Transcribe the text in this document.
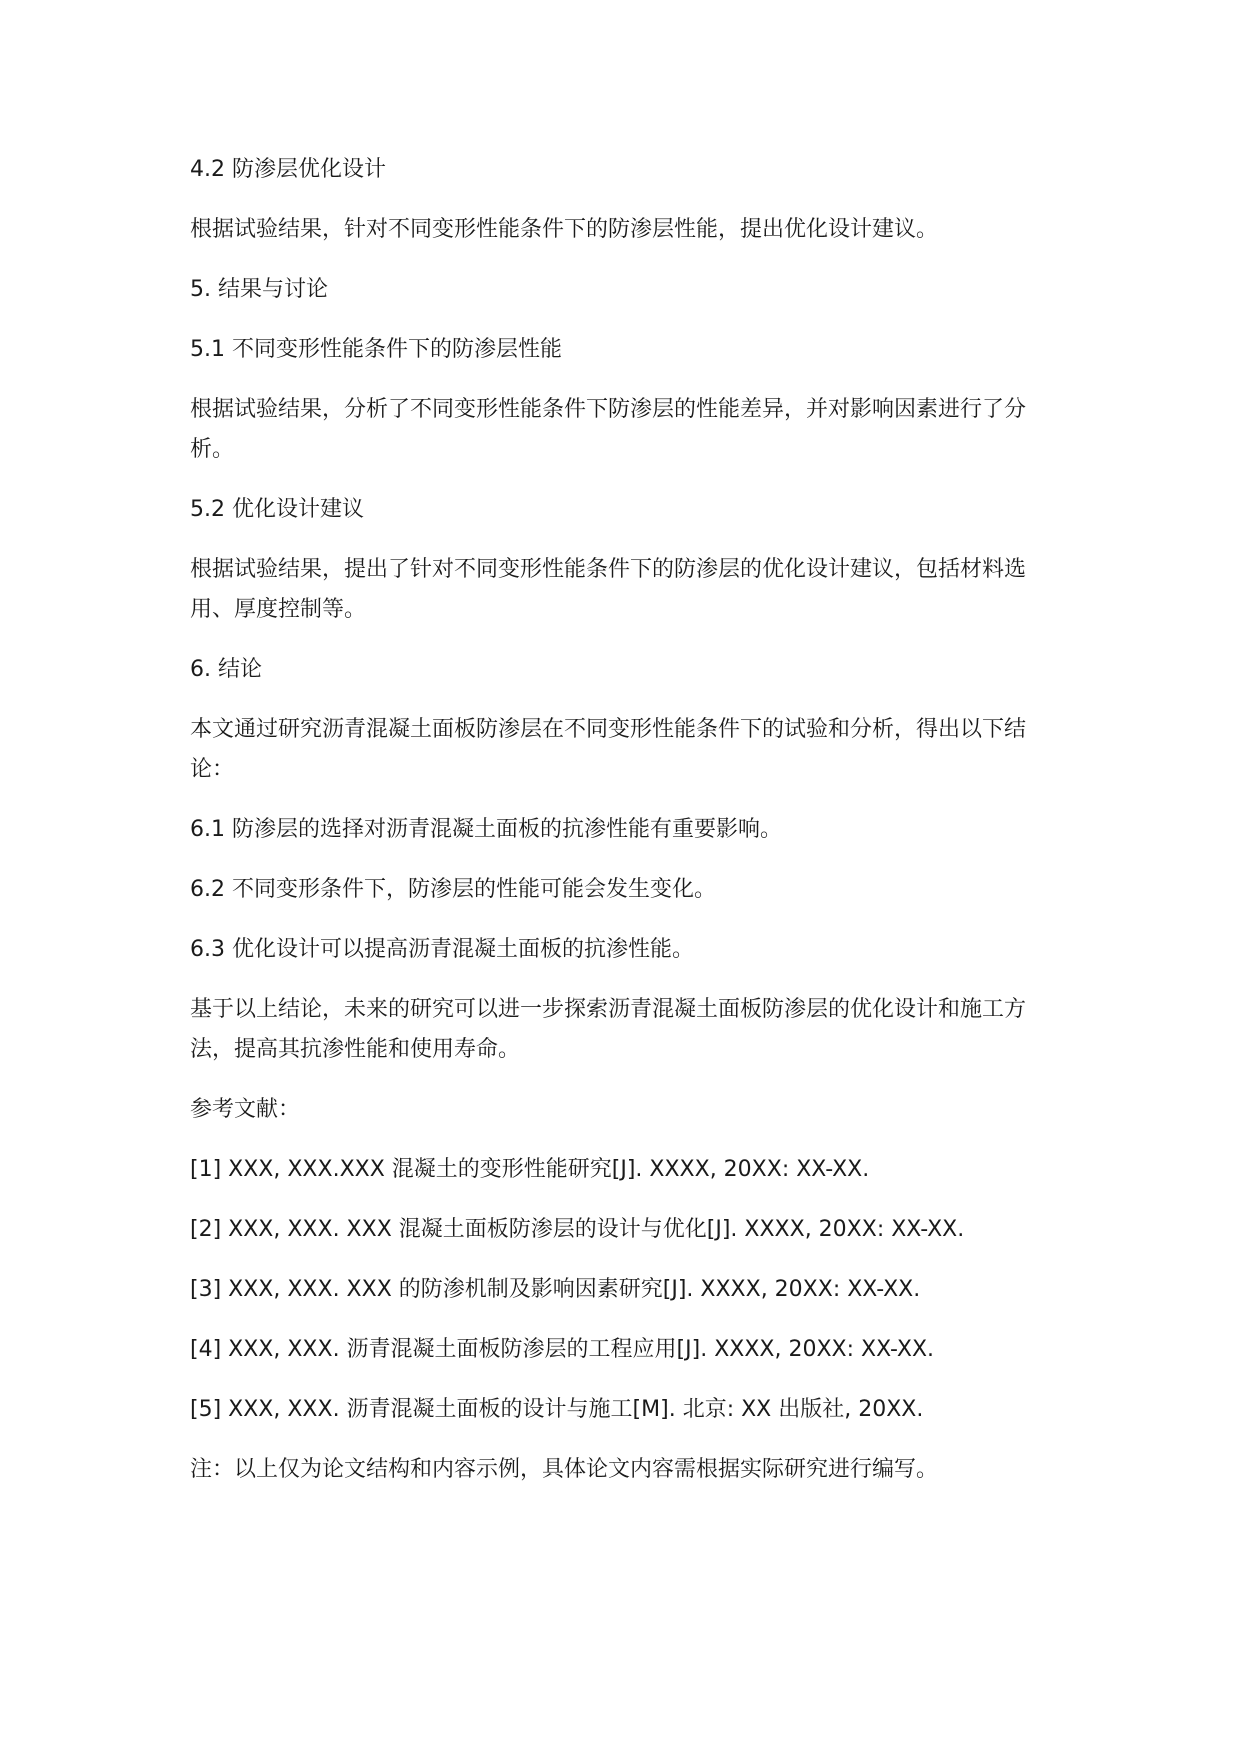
4.2 防渗层优化设计

根据试验结果，针对不同变形性能条件下的防渗层性能，提出优化设计建议。

5. 结果与讨论

5.1 不同变形性能条件下的防渗层性能

根据试验结果，分析了不同变形性能条件下防渗层的性能差异，并对影响因素进行了分析。

5.2 优化设计建议

根据试验结果，提出了针对不同变形性能条件下的防渗层的优化设计建议，包括材料选用、厚度控制等。

6. 结论

本文通过研究沥青混凝土面板防渗层在不同变形性能条件下的试验和分析，得出以下结论：

6.1 防渗层的选择对沥青混凝土面板的抗渗性能有重要影响。

6.2 不同变形条件下，防渗层的性能可能会发生变化。

6.3 优化设计可以提高沥青混凝土面板的抗渗性能。

基于以上结论，未来的研究可以进一步探索沥青混凝土面板防渗层的优化设计和施工方法，提高其抗渗性能和使用寿命。

参考文献：

[1] XXX, XXX.XXX 混凝土的变形性能研究[J]. XXXX, 20XX: XX-XX.

[2] XXX, XXX. XXX 混凝土面板防渗层的设计与优化[J]. XXXX, 20XX: XX-XX.

[3] XXX, XXX. XXX 的防渗机制及影响因素研究[J]. XXXX, 20XX: XX-XX.

[4] XXX, XXX. 沥青混凝土面板防渗层的工程应用[J]. XXXX, 20XX: XX-XX.

[5] XXX, XXX. 沥青混凝土面板的设计与施工[M]. 北京: XX 出版社, 20XX.

注：以上仅为论文结构和内容示例，具体论文内容需根据实际研究进行编写。
